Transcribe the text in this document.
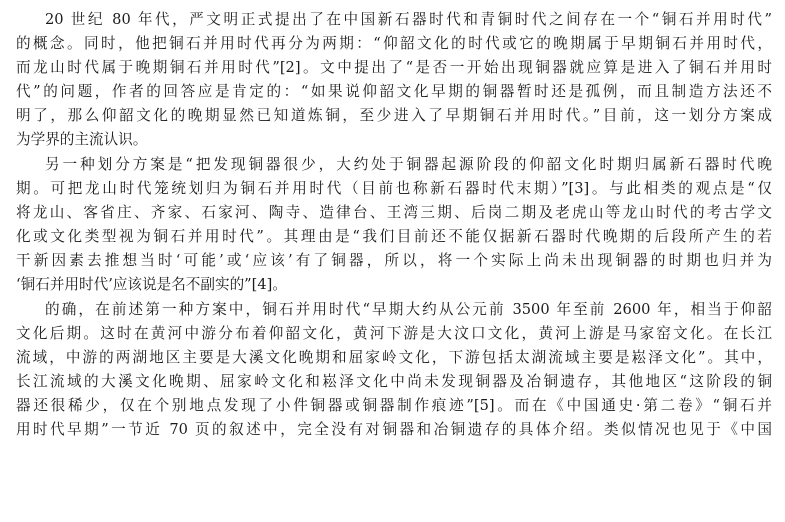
20 世纪 80 年代，严文明正式提出了在中国新石器时代和青铜时代之间存在一个“铜石并用时代”
的概念。同时，他把铜石并用时代再分为两期：“仰韶文化的时代或它的晚期属于早期铜石并用时代，
而龙山时代属于晚期铜石并用时代”[2]。文中提出了“是否一开始出现铜器就应算是进入了铜石并用时
代”的问题，作者的回答应是肯定的：“如果说仰韶文化早期的铜器暂时还是孤例，而且制造方法还不
明了，那么仰韶文化的晚期显然已知道炼铜，至少进入了早期铜石并用时代。”目前，这一划分方案成
为学界的主流认识。
另一种划分方案是“把发现铜器很少，大约处于铜器起源阶段的仰韶文化时期归属新石器时代晚
期。可把龙山时代笼统划归为铜石并用时代（目前也称新石器时代末期）”[3]。与此相类的观点是“仅
将龙山、客省庄、齐家、石家河、陶寺、造律台、王湾三期、后岗二期及老虎山等龙山时代的考古学文
化或文化类型视为铜石并用时代”。其理由是“我们目前还不能仅据新石器时代晚期的后段所产生的若
干新因素去推想当时‘可能’或‘应该’有了铜器，所以，将一个实际上尚未出现铜器的时期也归并为
‘铜石并用时代’应该说是名不副实的”[4]。
的确，在前述第一种方案中，铜石并用时代“早期大约从公元前 3500 年至前 2600 年，相当于仰韶
文化后期。这时在黄河中游分布着仰韶文化，黄河下游是大汶口文化，黄河上游是马家窑文化。在长江
流域，中游的两湖地区主要是大溪文化晚期和屈家岭文化，下游包括太湖流域主要是崧泽文化”。其中，
长江流域的大溪文化晚期、屈家岭文化和崧泽文化中尚未发现铜器及冶铜遗存，其他地区“这阶段的铜
器还很稀少，仅在个别地点发现了小件铜器或铜器制作痕迹”[5]。而在《中国通史·第二卷》“铜石并
用时代早期”一节近 70 页的叙述中，完全没有对铜器和冶铜遗存的具体介绍。类似情况也见于《中国
